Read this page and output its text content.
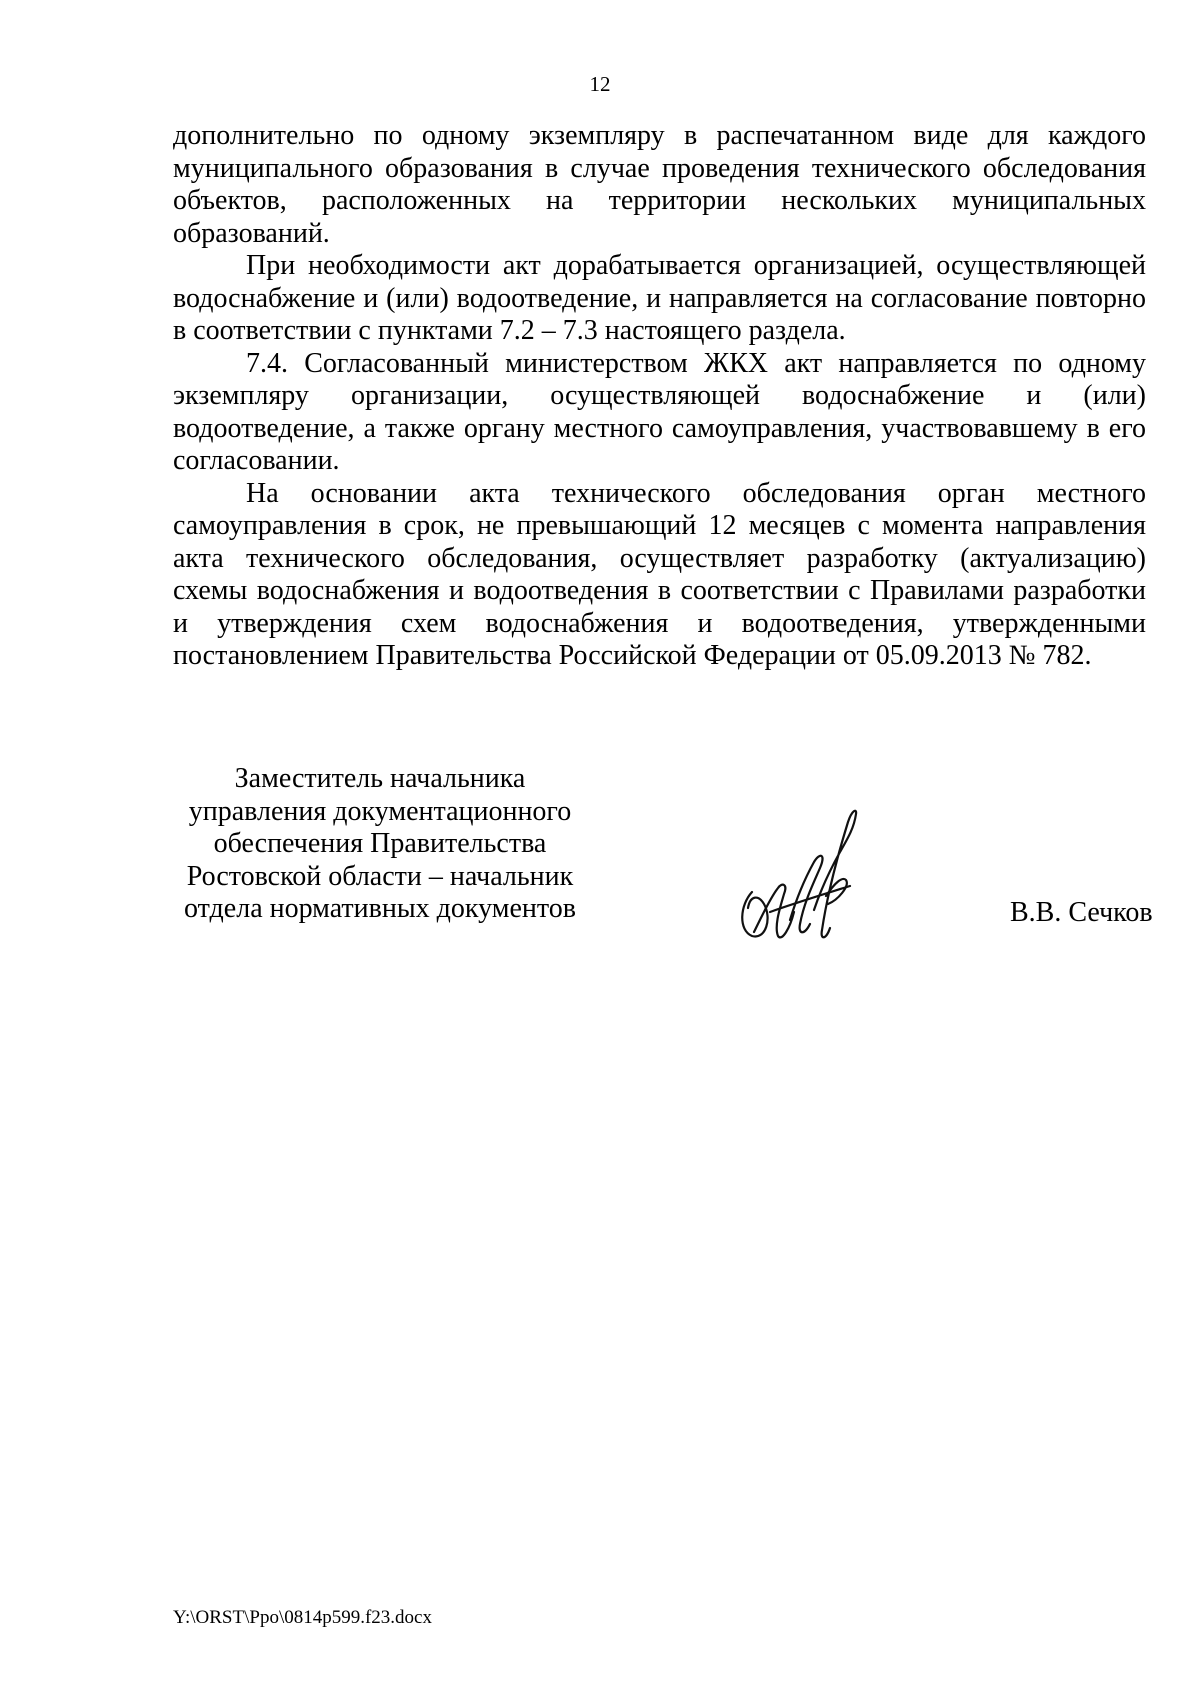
12

дополнительно по одному экземпляру в распечатанном виде для каждого муниципального образования в случае проведения технического обследования объектов, расположенных на территории нескольких муниципальных образований.

При необходимости акт дорабатывается организацией, осуществляющей водоснабжение и (или) водоотведение, и направляется на согласование повторно в соответствии с пунктами 7.2 – 7.3 настоящего раздела.

7.4. Согласованный министерством ЖКХ акт направляется по одному экземпляру организации, осуществляющей водоснабжение и (или) водоотведение, а также органу местного самоуправления, участвовавшему в его согласовании.

На основании акта технического обследования орган местного самоуправления в срок, не превышающий 12 месяцев с момента направления акта технического обследования, осуществляет разработку (актуализацию) схемы водоснабжения и водоотведения в соответствии с Правилами разработки и утверждения схем водоснабжения и водоотведения, утвержденными постановлением Правительства Российской Федерации от 05.09.2013 № 782.

Заместитель начальника
управления документационного
обеспечения Правительства
Ростовской области – начальник
отдела нормативных документов	В.В. Сечков
Y:\ORST\Ppo\0814p599.f23.docx
